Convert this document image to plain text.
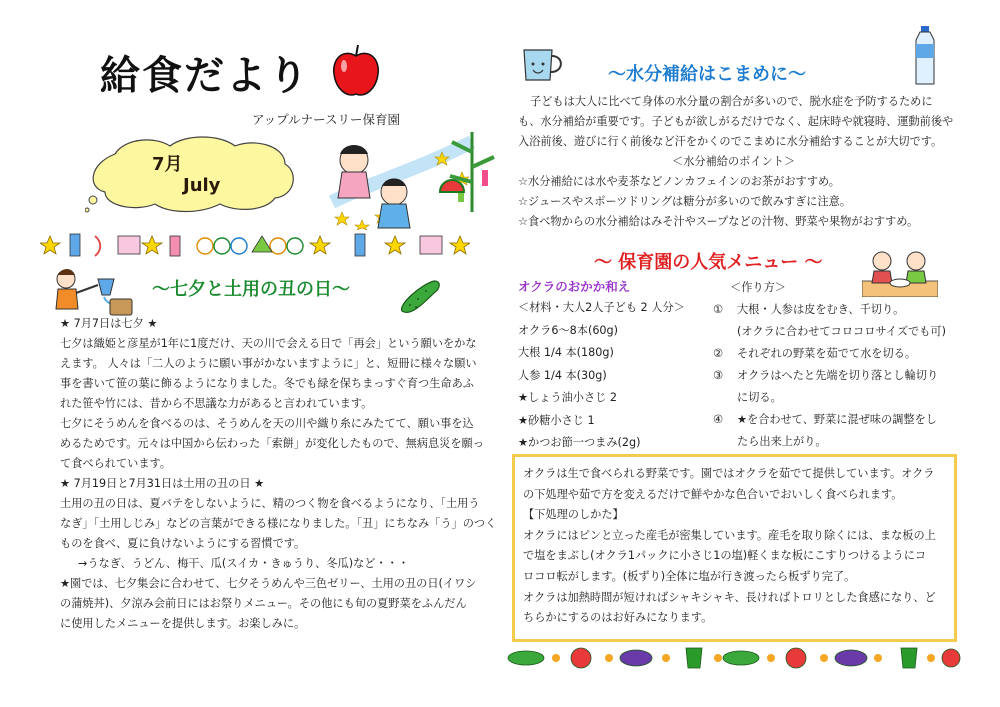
給食だより
アップルナースリー保育園
7月
July
～七夕と土用の丑の日～

★ 7月7日は七夕 ★

七夕は織姫と彦星が1年に1度だけ、天の川で会える日で「再会」という願いをかな

えます。 人々は「二人のように願い事がかないますように」と、短冊に様々な願い

事を書いて笹の葉に飾るようになりました。冬でも緑を保ちまっすぐ育つ生命あふ

れた笹や竹には、昔から不思議な力があると言われています。

七夕にそうめんを食べるのは、そうめんを天の川や織り糸にみたてて、願い事を込

めるためです。元々は中国から伝わった「索餅」が変化したもので、無病息災を願っ

て食べられています。

★ 7月19日と7月31日は土用の丑の日 ★

土用の丑の日は、夏バテをしないように、精のつく物を食べるようになり、「土用う

なぎ」「土用しじみ」などの言葉ができる様になりました。「丑」にちなみ「う」のつく

ものを食べ、夏に負けないようにする習慣です。

→うなぎ、うどん、梅干、瓜(スイカ・きゅうり、冬瓜)など・・・

★園では、七夕集会に合わせて、七夕そうめんや三色ゼリー、土用の丑の日(イワシ

の蒲焼丼)、夕涼み会前日にはお祭りメニュー。その他にも旬の夏野菜をふんだん

に使用したメニューを提供します。お楽しみに。

～水分補給はこまめに～

子どもは大人に比べて身体の水分量の割合が多いので、脱水症を予防するために

も、水分補給が重要です。子どもが欲しがるだけでなく、起床時や就寝時、運動前後や

入浴前後、遊びに行く前後など汗をかくのでこまめに水分補給することが大切です。

＜水分補給のポイント＞

☆水分補給には水や麦茶などノンカフェインのお茶がおすすめ。

☆ジュースやスポーツドリングは糖分が多いので飲みすぎに注意。

☆食べ物からの水分補給はみそ汁やスープなどの汁物、野菜や果物がおすすめ。

～ 保育園の人気メニュー ～
オクラのおかか和え

＜材料・大人2人子ども 2 人分＞

オクラ6～8本(60g)

大根 1/4 本(180g)

人参 1/4 本(30g)

★しょう油小さじ 2

★砂糖小さじ 1

★かつお節一つまみ(2g)

＜作り方＞
①	大根・人参は皮をむき、千切り。

(オクラに合わせてコロコロサイズでも可)

②	それぞれの野菜を茹でて水を切る。
③	オクラはへたと先端を切り落とし輪切り

に切る。

④	★を合わせて、野菜に混ぜ味の調整をし

たら出来上がり。

オクラは生で食べられる野菜です。園ではオクラを茹でて提供しています。オクラ

の下処理や茹で方を変えるだけで鮮やかな色合いでおいしく食べられます。

【下処理のしかた】

オクラにはピンと立った産毛が密集しています。産毛を取り除くには、まな板の上

で塩をまぶし(オクラ1パックに小さじ1の塩)軽くまな板にこすりつけるようにコ

ロコロ転がします。(板ずり)全体に塩が行き渡ったら板ずり完了。

オクラは加熱時間が短ければシャキシャキ、長ければトロリとした食感になり、ど

ちらかにするのはお好みになります。
